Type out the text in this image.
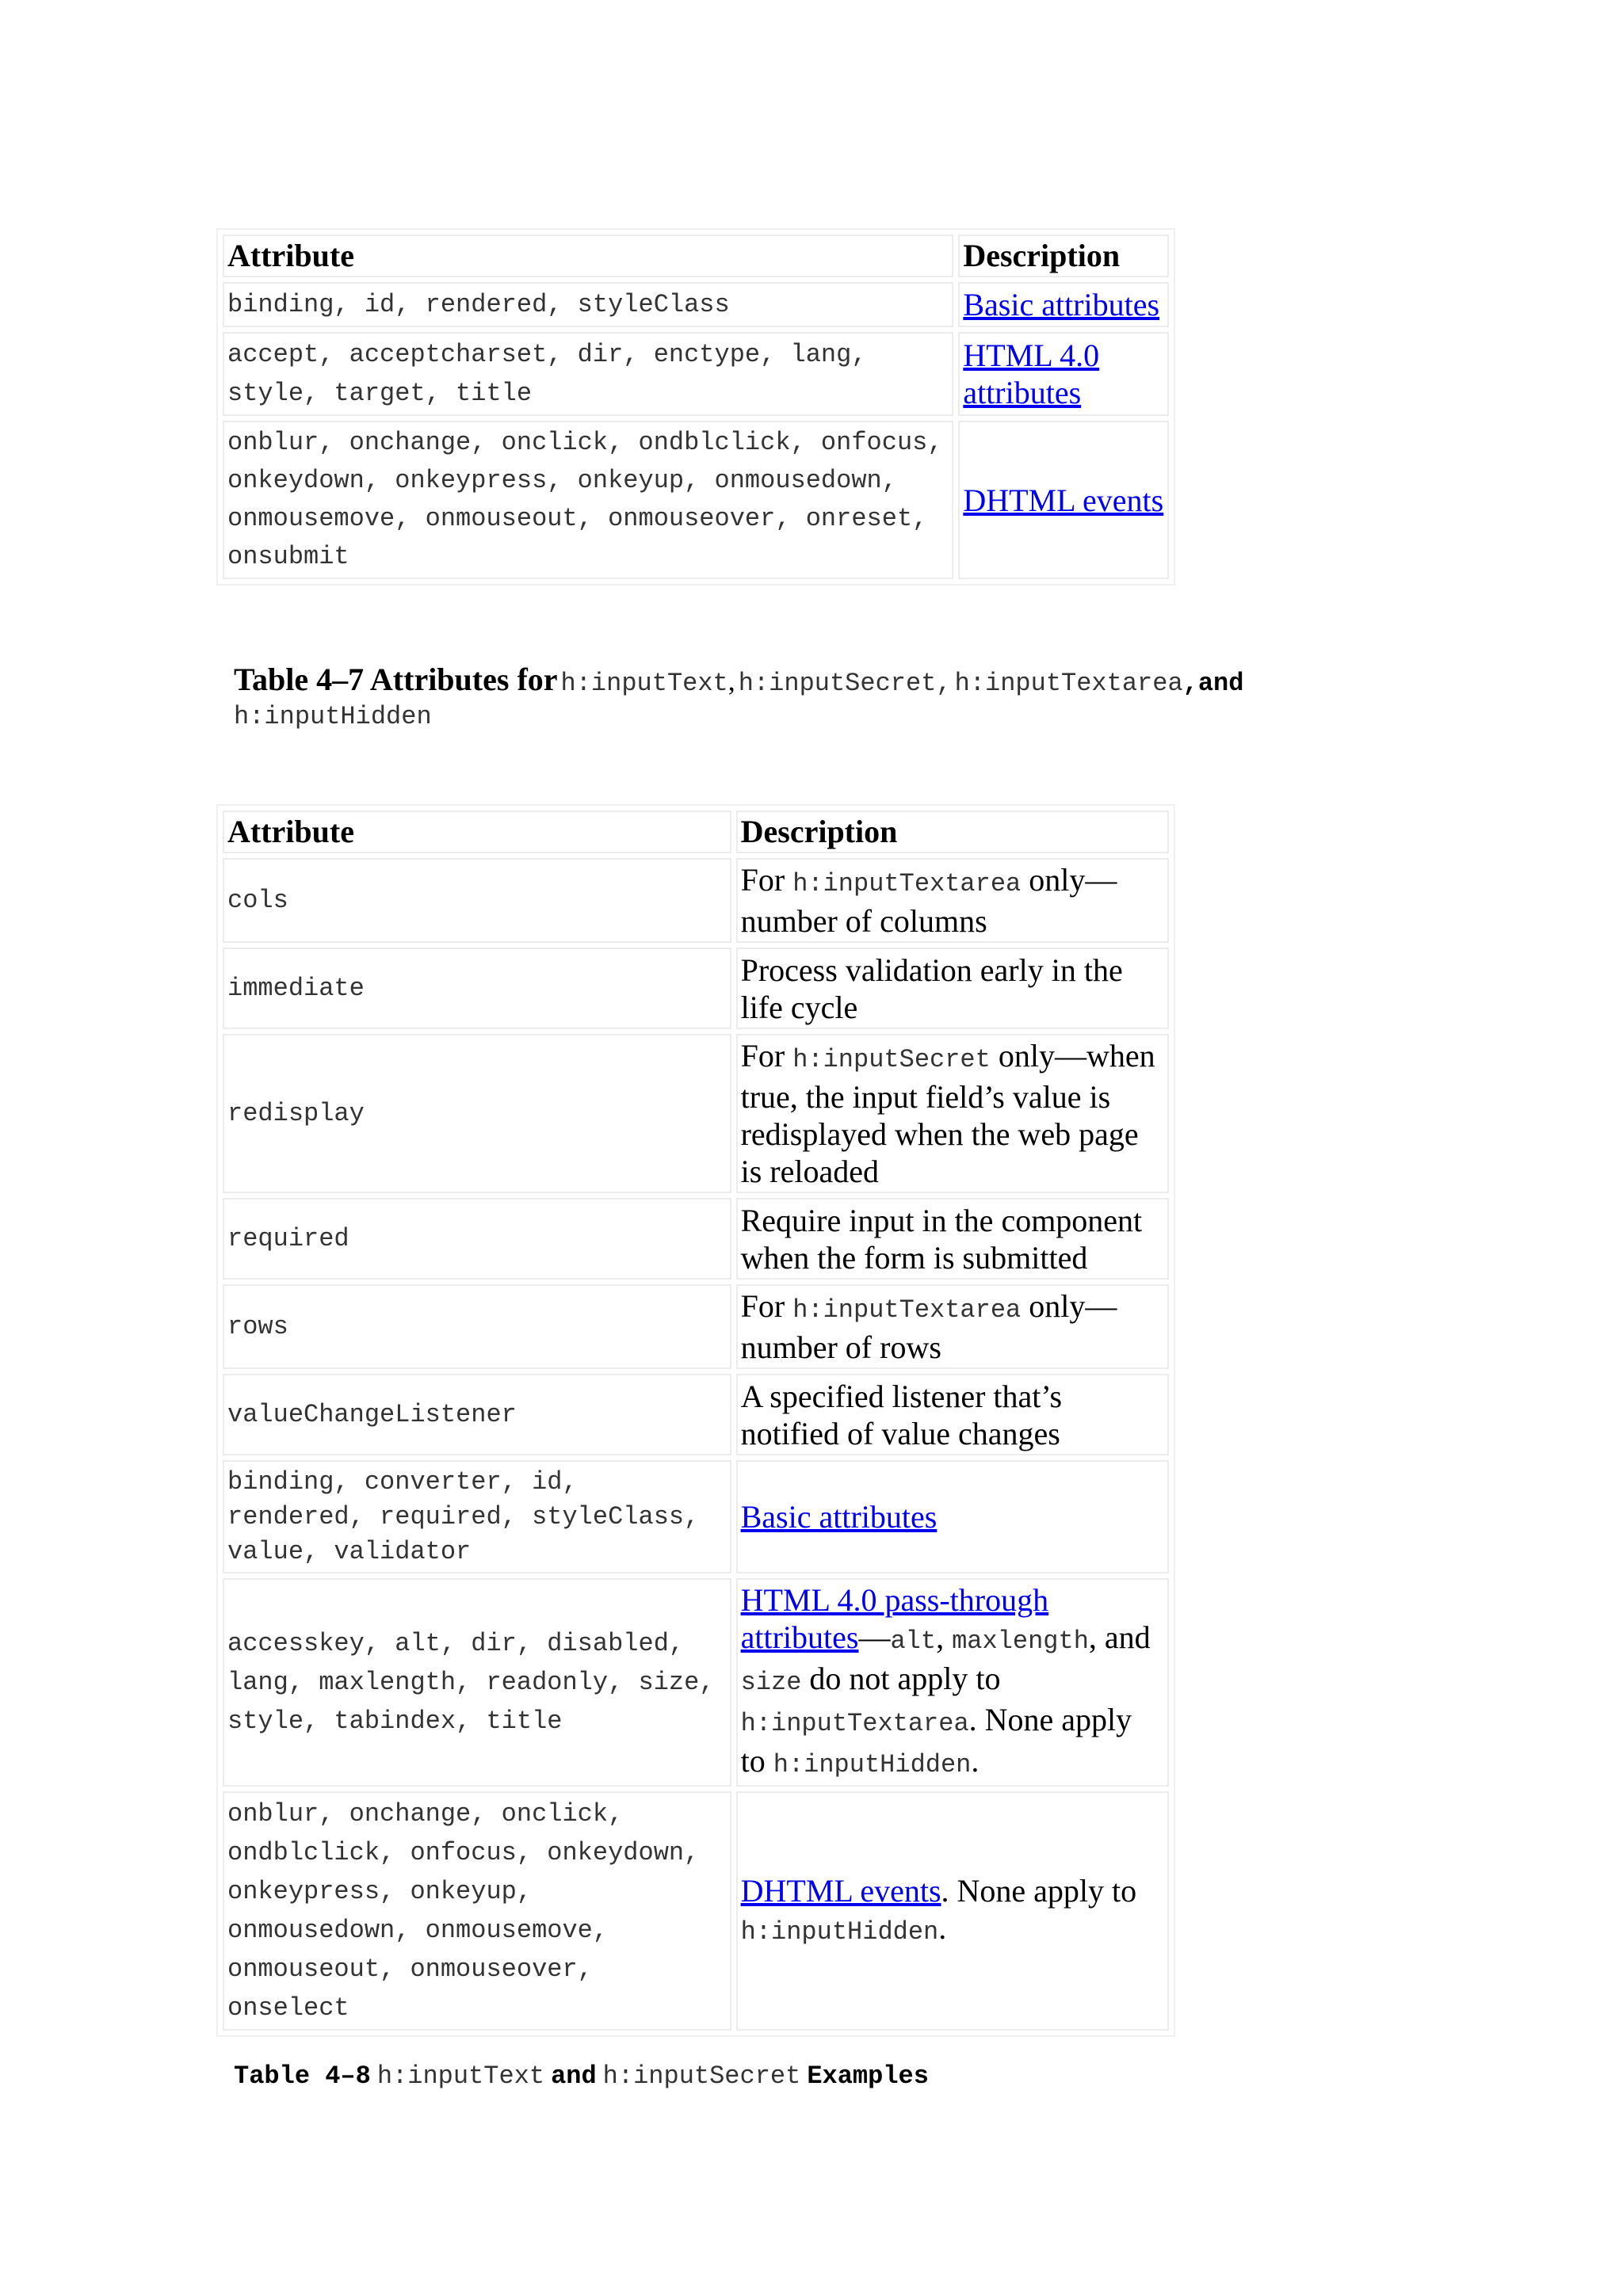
Attribute	Description
binding, id, rendered, styleClass	Basic attributes
accept, acceptcharset, dir, enctype, lang, style, target, title	HTML 4.0 attributes
onblur, onchange, onclick, ondblclick, onfocus, onkeydown, onkeypress, onkeyup, onmousedown, onmousemove, onmouseout, onmouseover, onreset, onsubmit	DHTML events
Table 4–7 Attributes for h:inputText, h:inputSecret, h:inputTextarea,and
h:inputHidden
Attribute	Description
cols	For h:inputTextarea only—number of columns
immediate	Process validation early in the life cycle
redisplay	For h:inputSecret only—when true, the input field’s value is redisplayed when the web page is reloaded
required	Require input in the component when the form is submitted
rows	For h:inputTextarea only—number of rows
valueChangeListener	A specified listener that’s notified of value changes
binding, converter, id, rendered, required, styleClass, value, validator	Basic attributes
accesskey, alt, dir, disabled, lang, maxlength, readonly, size, style, tabindex, title	HTML 4.0 pass-through attributes—alt, maxlength, and size do not apply to h:inputTextarea. None apply to h:inputHidden.
onblur, onchange, onclick, ondblclick, onfocus, onkeydown, onkeypress, onkeyup, onmousedown, onmousemove, onmouseout, onmouseover, onselect	DHTML events. None apply to
h:inputHidden.
Table 4–8 h:inputText and h:inputSecret Examples
